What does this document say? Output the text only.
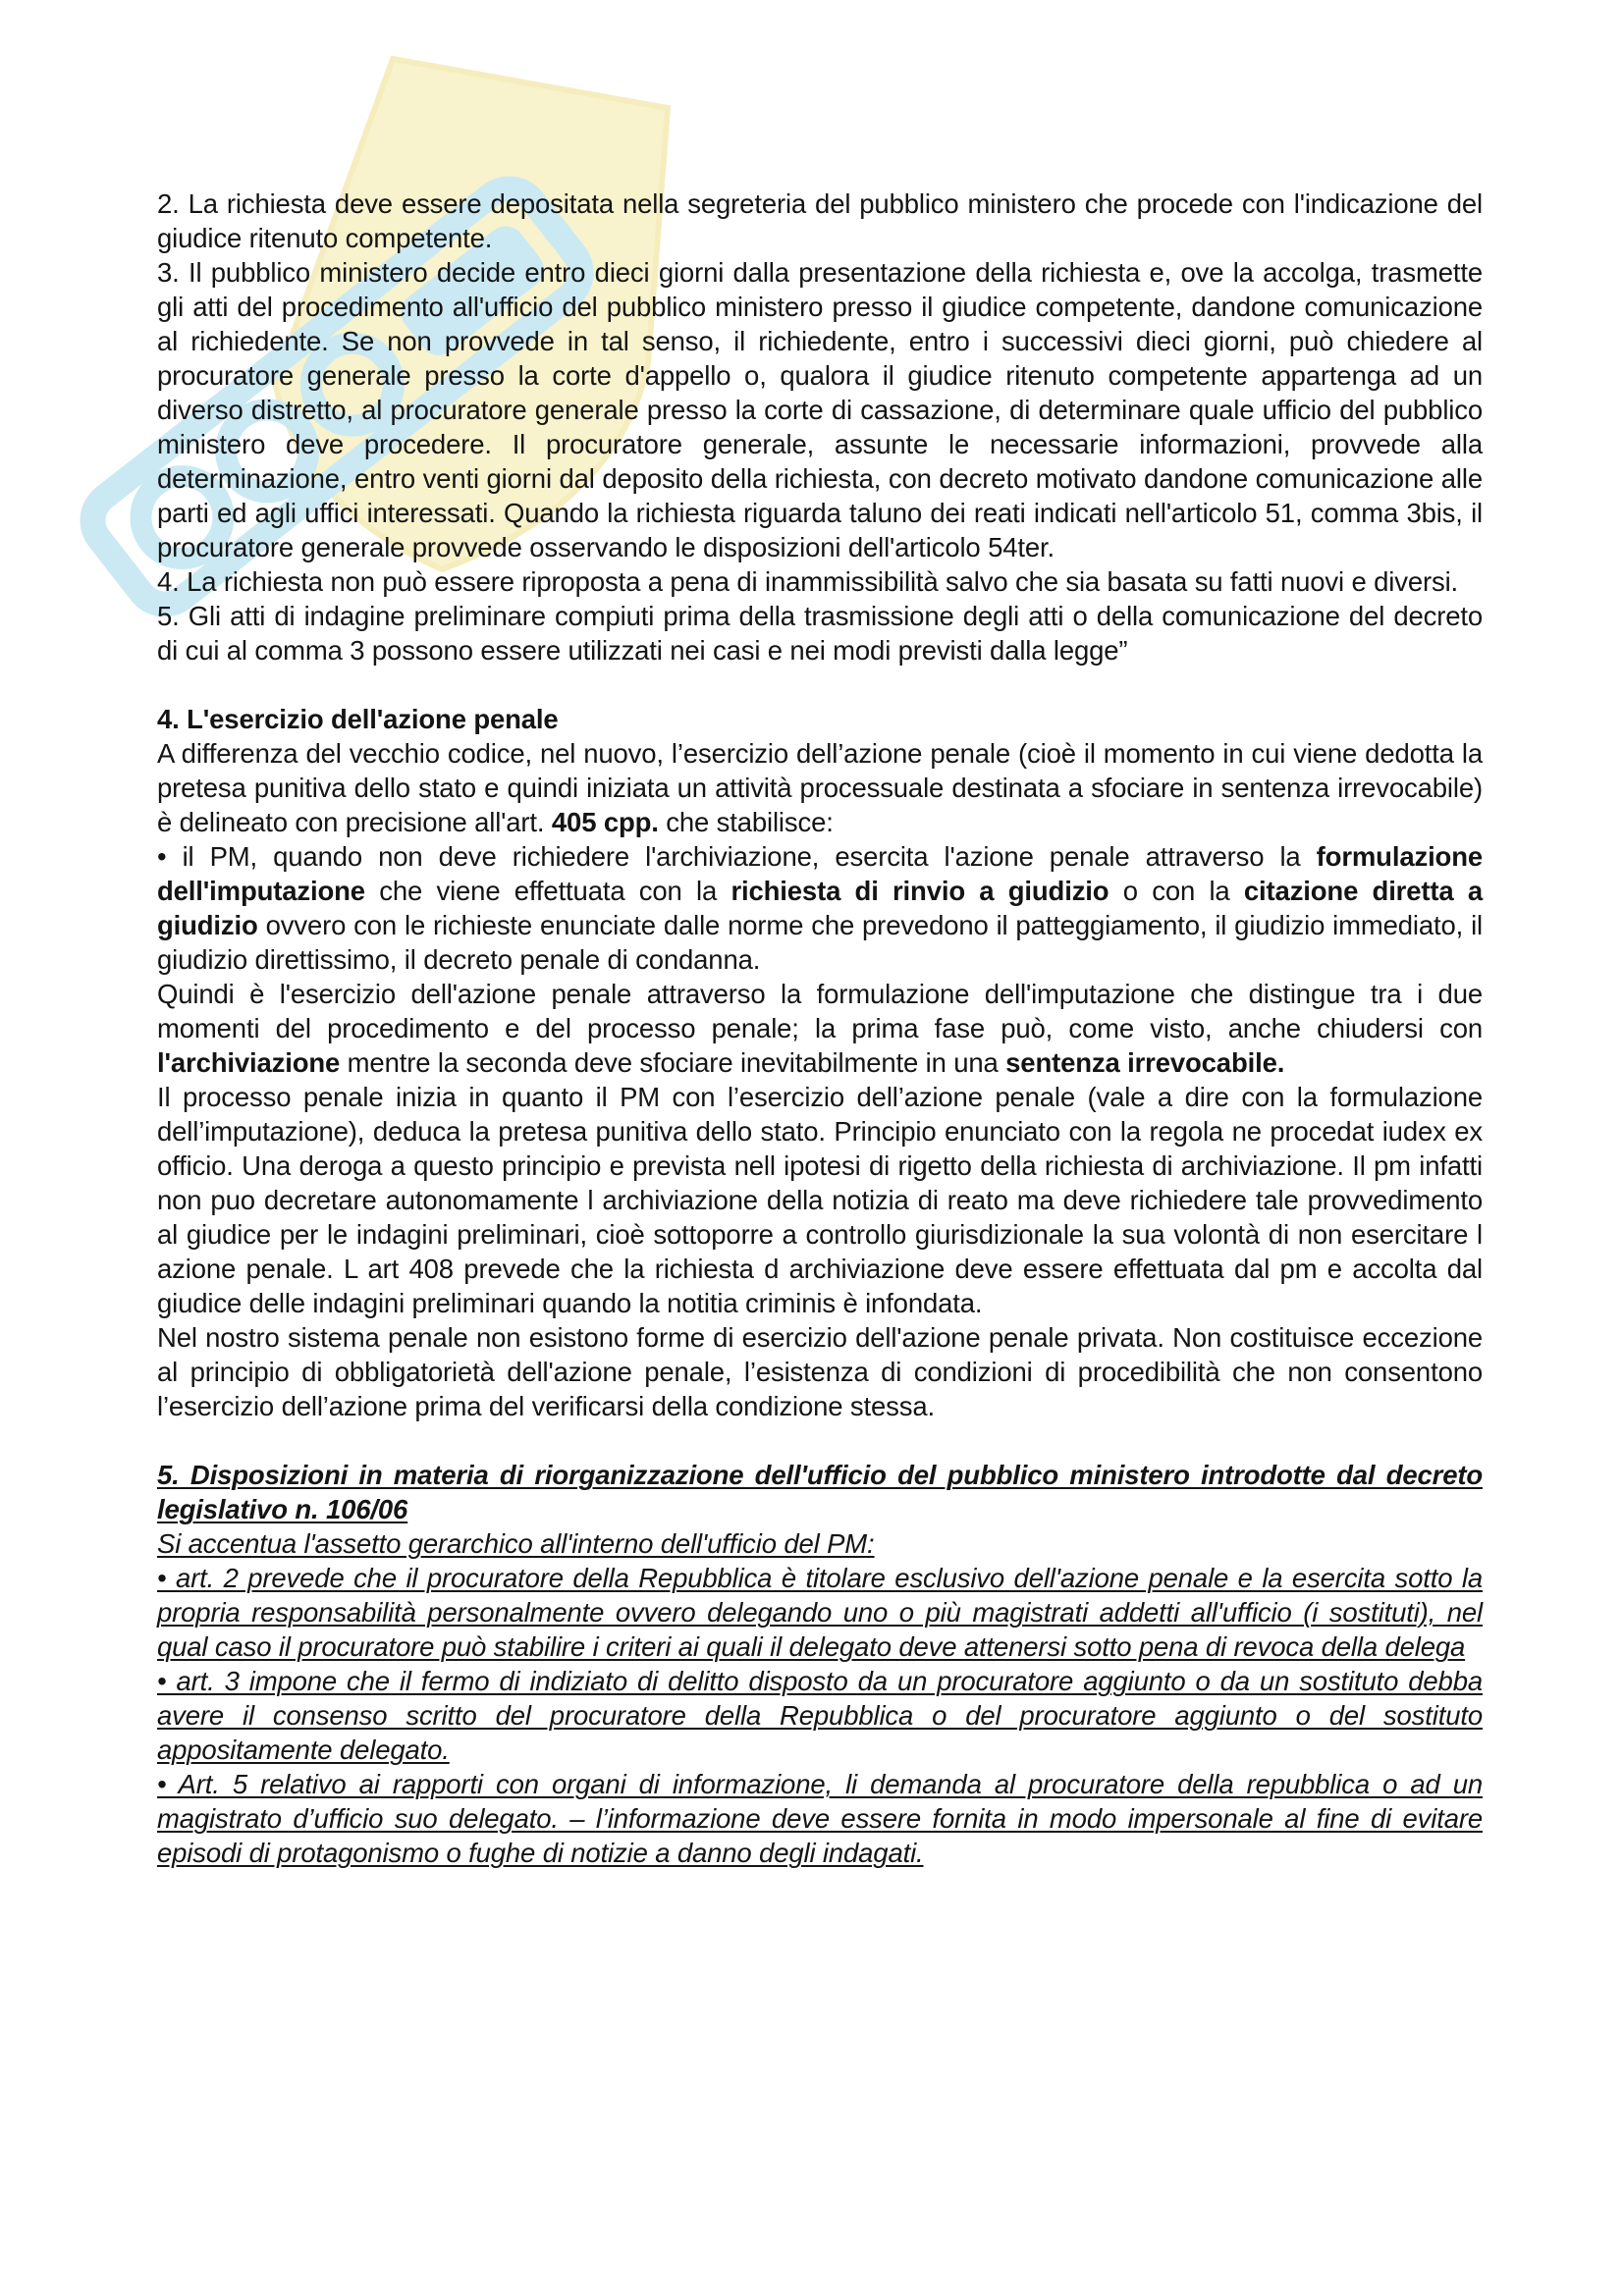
2. La richiesta deve essere depositata nella segreteria del pubblico ministero che procede con l'indicazione del giudice ritenuto competente.

3. Il pubblico ministero decide entro dieci giorni dalla presentazione della richiesta e, ove la accolga, trasmette gli atti del procedimento all'ufficio del pubblico ministero presso il giudice competente, dandone comunicazione al richiedente. Se non provvede in tal senso, il richiedente, entro i successivi dieci giorni, può chiedere al procuratore generale presso la corte d'appello o, qualora il giudice ritenuto competente appartenga ad un diverso distretto, al procuratore generale presso la corte di cassazione, di determinare quale ufficio del pubblico ministero deve procedere. Il procuratore generale, assunte le necessarie informazioni, provvede alla determinazione, entro venti giorni dal deposito della richiesta, con decreto motivato dandone comunicazione alle parti ed agli uffici interessati. Quando la richiesta riguarda taluno dei reati indicati nell'articolo 51, comma 3bis, il procuratore generale provvede osservando le disposizioni dell'articolo 54ter.

4. La richiesta non può essere riproposta a pena di inammissibilità salvo che sia basata su fatti nuovi e diversi.

5. Gli atti di indagine preliminare compiuti prima della trasmissione degli atti o della comunicazione del decreto di cui al comma 3 possono essere utilizzati nei casi e nei modi previsti dalla legge”

4. L'esercizio dell'azione penale

A differenza del vecchio codice, nel nuovo, l’esercizio dell’azione penale (cioè il momento in cui viene dedotta la pretesa punitiva dello stato e quindi iniziata un attività processuale destinata a sfociare in sentenza irrevocabile) è delineato con precisione all'art. 405 cpp. che stabilisce:

• il PM, quando non deve richiedere l'archiviazione, esercita l'azione penale attraverso la formulazione dell'imputazione che viene effettuata con la richiesta di rinvio a giudizio o con la citazione diretta a giudizio ovvero con le richieste enunciate dalle norme che prevedono il patteggiamento, il giudizio immediato, il giudizio direttissimo, il decreto penale di condanna.

Quindi è l'esercizio dell'azione penale attraverso la formulazione dell'imputazione che distingue tra i due momenti del procedimento e del processo penale; la prima fase può, come visto, anche chiudersi con l'archiviazione mentre la seconda deve sfociare inevitabilmente in una sentenza irrevocabile.

Il processo penale inizia in quanto il PM con l’esercizio dell’azione penale (vale a dire con la formulazione dell’imputazione), deduca la pretesa punitiva dello stato. Principio enunciato con la regola ne procedat iudex ex officio. Una deroga a questo principio e prevista nell ipotesi di rigetto della richiesta di archiviazione. Il pm infatti non puo decretare autonomamente l archiviazione della notizia di reato ma deve richiedere tale provvedimento al giudice per le indagini preliminari, cioè sottoporre a controllo giurisdizionale la sua volontà di non esercitare l azione penale. L art 408 prevede che la richiesta d archiviazione deve essere effettuata dal pm e accolta dal giudice delle indagini preliminari quando la notitia criminis è infondata.

Nel nostro sistema penale non esistono forme di esercizio dell'azione penale privata. Non costituisce eccezione al principio di obbligatorietà dell'azione penale, l’esistenza di condizioni di procedibilità che non consentono l’esercizio dell’azione prima del verificarsi della condizione stessa.

5. Disposizioni in materia di riorganizzazione dell'ufficio del pubblico ministero introdotte dal decreto legislativo n. 106/06

Si accentua l'assetto gerarchico all'interno dell'ufficio del PM:

• art. 2 prevede che il procuratore della Repubblica è titolare esclusivo dell'azione penale e la esercita sotto la propria responsabilità personalmente ovvero delegando uno o più magistrati addetti all'ufficio (i sostituti), nel qual caso il procuratore può stabilire i criteri ai quali il delegato deve attenersi sotto pena di revoca della delega

• art. 3 impone che il fermo di indiziato di delitto disposto da un procuratore aggiunto o da un sostituto debba avere il consenso scritto del procuratore della Repubblica o del procuratore aggiunto o del sostituto appositamente delegato.

• Art. 5 relativo ai rapporti con organi di informazione, li demanda al procuratore della repubblica o ad un magistrato d’ufficio suo delegato. – l’informazione deve essere fornita in modo impersonale al fine di evitare episodi di protagonismo o fughe di notizie a danno degli indagati.
